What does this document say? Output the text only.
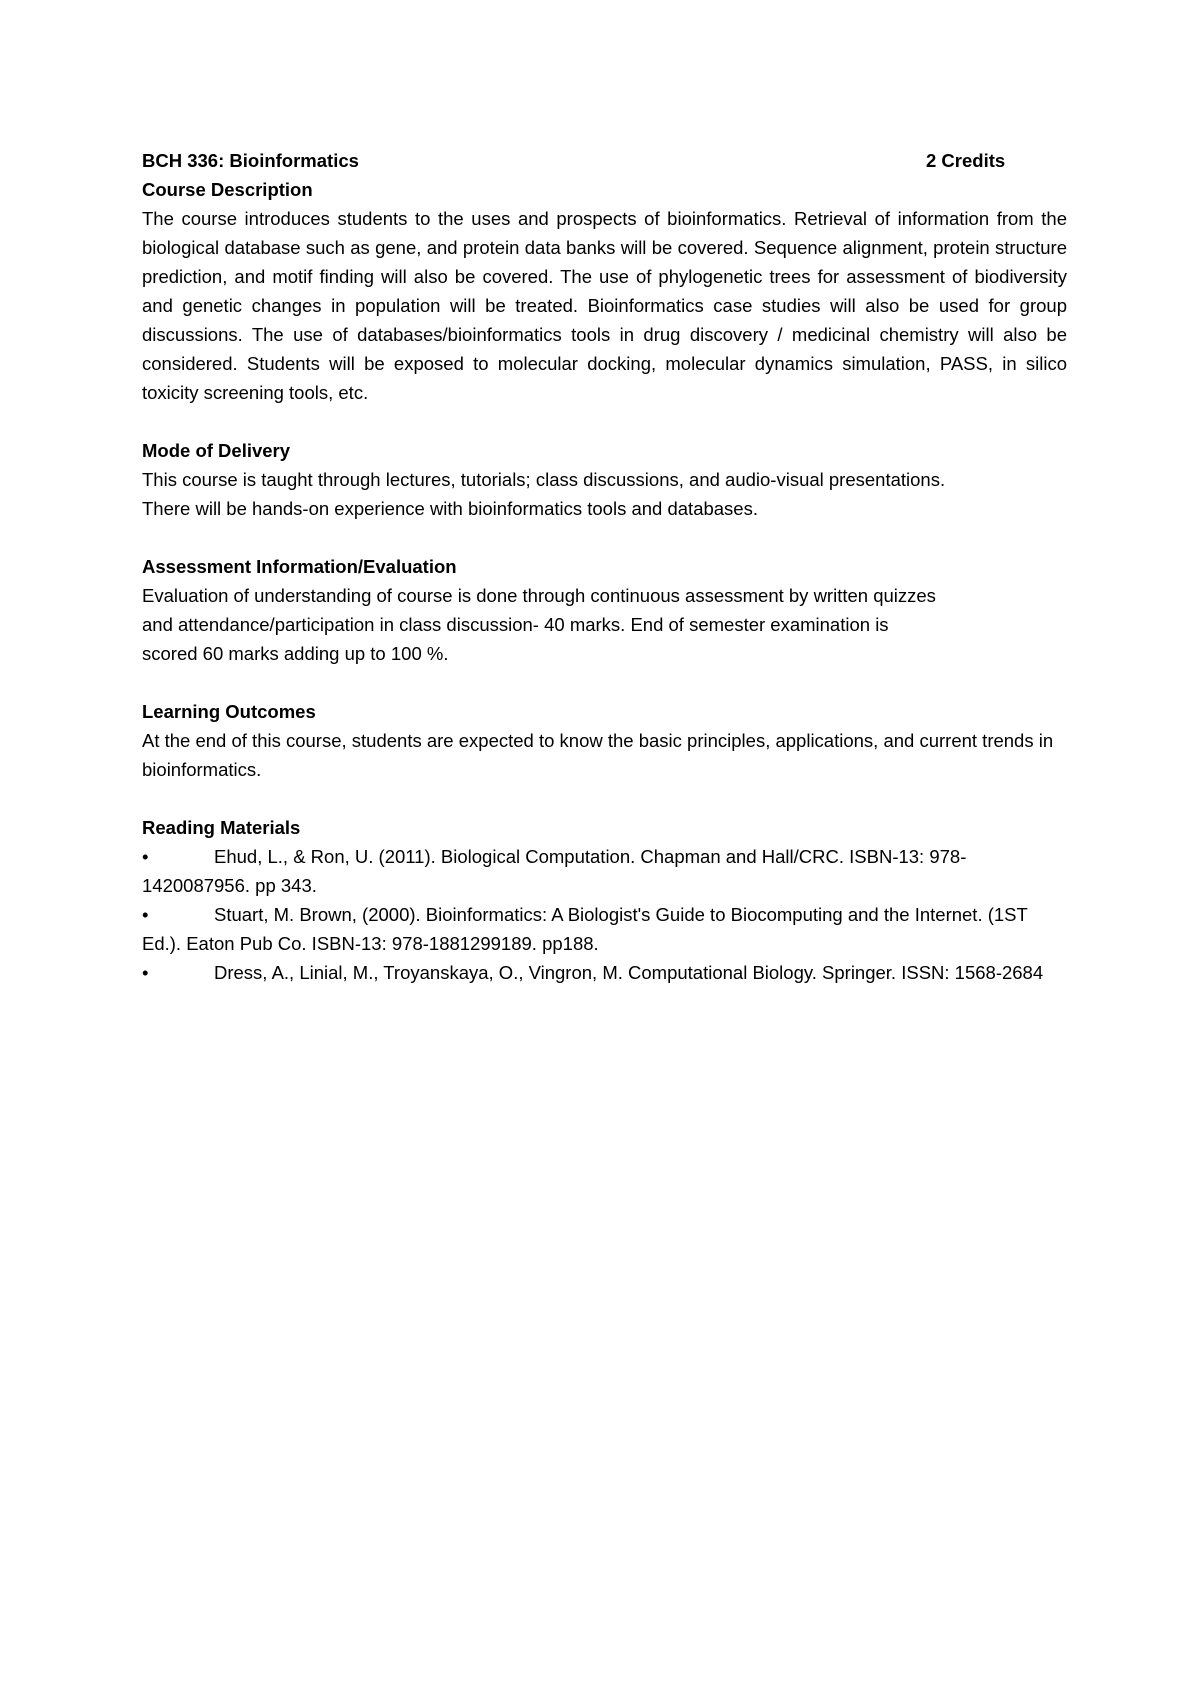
BCH 336: Bioinformatics	2 Credits

Course Description

The course introduces students to the uses and prospects of bioinformatics. Retrieval of information from the biological database such as gene, and protein data banks will be covered. Sequence alignment, protein structure prediction, and motif finding will also be covered. The use of phylogenetic trees for assessment of biodiversity and genetic changes in population will be treated. Bioinformatics case studies will also be used for group discussions. The use of databases/bioinformatics tools in drug discovery / medicinal chemistry will also be considered. Students will be exposed to molecular docking, molecular dynamics simulation, PASS, in silico toxicity screening tools, etc.

Mode of Delivery

This course is taught through lectures, tutorials; class discussions, and audio-visual presentations. There will be hands-on experience with bioinformatics tools and databases.

Assessment Information/Evaluation

Evaluation of understanding of course is done through continuous assessment by written quizzes and attendance/participation in class discussion- 40 marks. End of semester examination is scored 60 marks adding up to 100 %.

Learning Outcomes

At the end of this course, students are expected to know the basic principles, applications, and current trends in bioinformatics.

Reading Materials

•	Ehud, L., & Ron, U. (2011). Biological Computation. Chapman and Hall/CRC. ISBN-13: 978-1420087956. pp 343.
•	Stuart, M. Brown, (2000). Bioinformatics: A Biologist's Guide to Biocomputing and the Internet. (1ST Ed.). Eaton Pub Co. ISBN-13: 978-1881299189. pp188.
•	Dress, A., Linial, M., Troyanskaya, O., Vingron, M. Computational Biology. Springer. ISSN: 1568-2684
